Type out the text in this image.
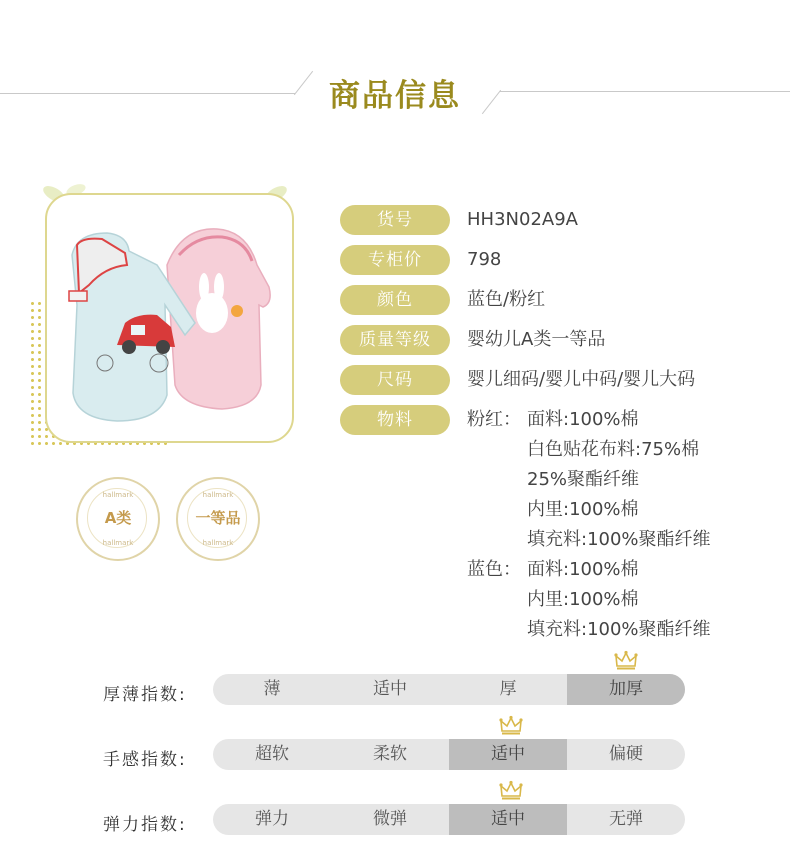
商品信息
hallmark
A类
hallmark
hallmark
一等品
hallmark
货号	HH3N02A9A
专柜价	798
颜色	蓝色/粉红
质量等级	婴幼儿A类一等品
尺码	婴儿细码/婴儿中码/婴儿大码
物料	粉红： 面料:100%棉
白色贴花布料:75%棉
25%聚酯纤维
内里:100%棉
填充料:100%聚酯纤维
蓝色： 面料:100%棉
内里:100%棉
填充料:100%聚酯纤维
厚薄指数:	薄	适中	厚	加厚
手感指数:	超软	柔软	适中	偏硬
弹力指数:	弹力	微弹	适中	无弹
